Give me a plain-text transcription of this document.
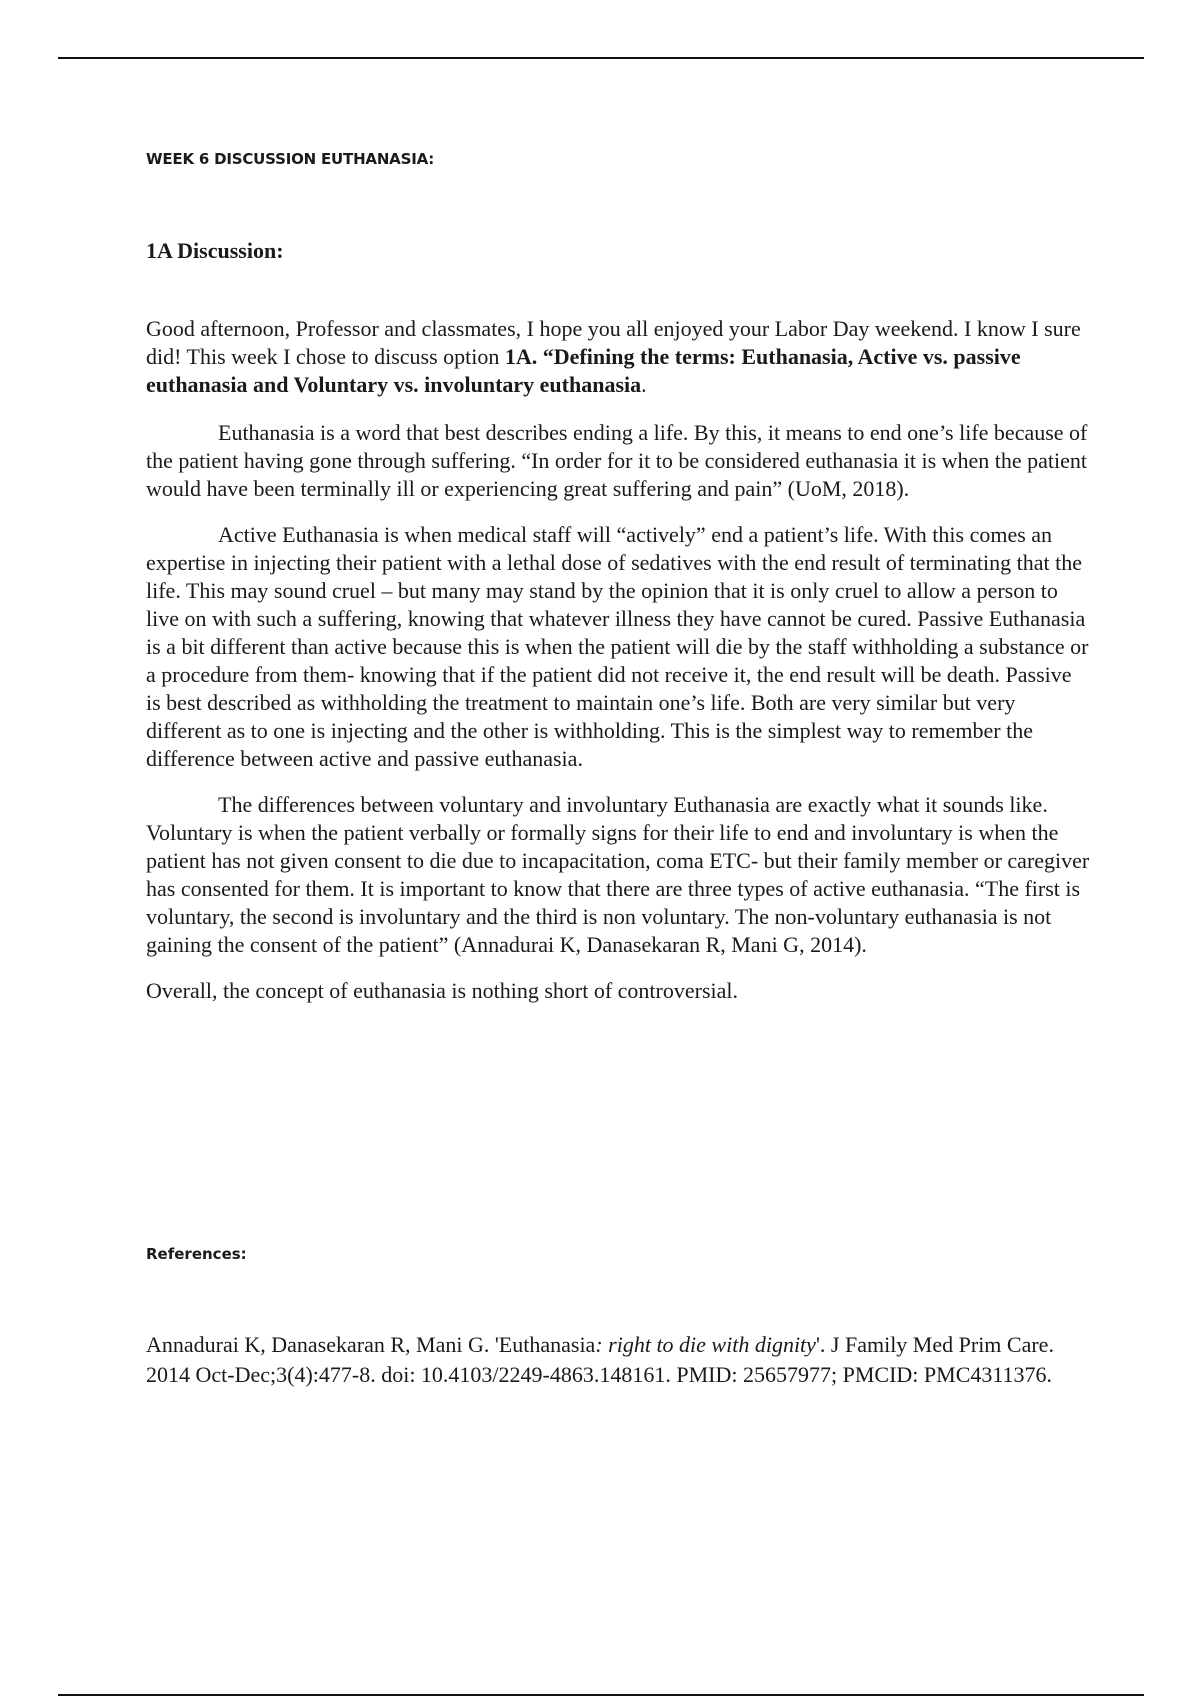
WEEK 6 DISCUSSION EUTHANASIA:
1A Discussion:

Good afternoon, Professor and classmates, I hope you all enjoyed your Labor Day weekend. I know I sure did! This week I chose to discuss option 1A. “Defining the terms: Euthanasia, Active vs. passive euthanasia and Voluntary vs. involuntary euthanasia.

Euthanasia is a word that best describes ending a life. By this, it means to end one’s life because of the patient having gone through suffering. “In order for it to be considered euthanasia it is when the patient would have been terminally ill or experiencing great suffering and pain” (UoM, 2018).

Active Euthanasia is when medical staff will “actively” end a patient’s life. With this comes an expertise in injecting their patient with a lethal dose of sedatives with the end result of terminating that the life. This may sound cruel – but many may stand by the opinion that it is only cruel to allow a person to live on with such a suffering, knowing that whatever illness they have cannot be cured. Passive Euthanasia is a bit different than active because this is when the patient will die by the staff withholding a substance or a procedure from them- knowing that if the patient did not receive it, the end result will be death. Passive is best described as withholding the treatment to maintain one’s life. Both are very similar but very different as to one is injecting and the other is withholding. This is the simplest way to remember the difference between active and passive euthanasia.

The differences between voluntary and involuntary Euthanasia are exactly what it sounds like. Voluntary is when the patient verbally or formally signs for their life to end and involuntary is when the patient has not given consent to die due to incapacitation, coma ETC- but their family member or caregiver has consented for them. It is important to know that there are three types of active euthanasia. “The first is voluntary, the second is involuntary and the third is non voluntary. The non-voluntary euthanasia is not gaining the consent of the patient” (Annadurai K, Danasekaran R, Mani G, 2014).

Overall, the concept of euthanasia is nothing short of controversial.

References:

Annadurai K, Danasekaran R, Mani G. 'Euthanasia: right to die with dignity'. J Family Med Prim Care. 2014 Oct-Dec;3(4):477-8. doi: 10.4103/2249-4863.148161. PMID: 25657977; PMCID: PMC4311376.
